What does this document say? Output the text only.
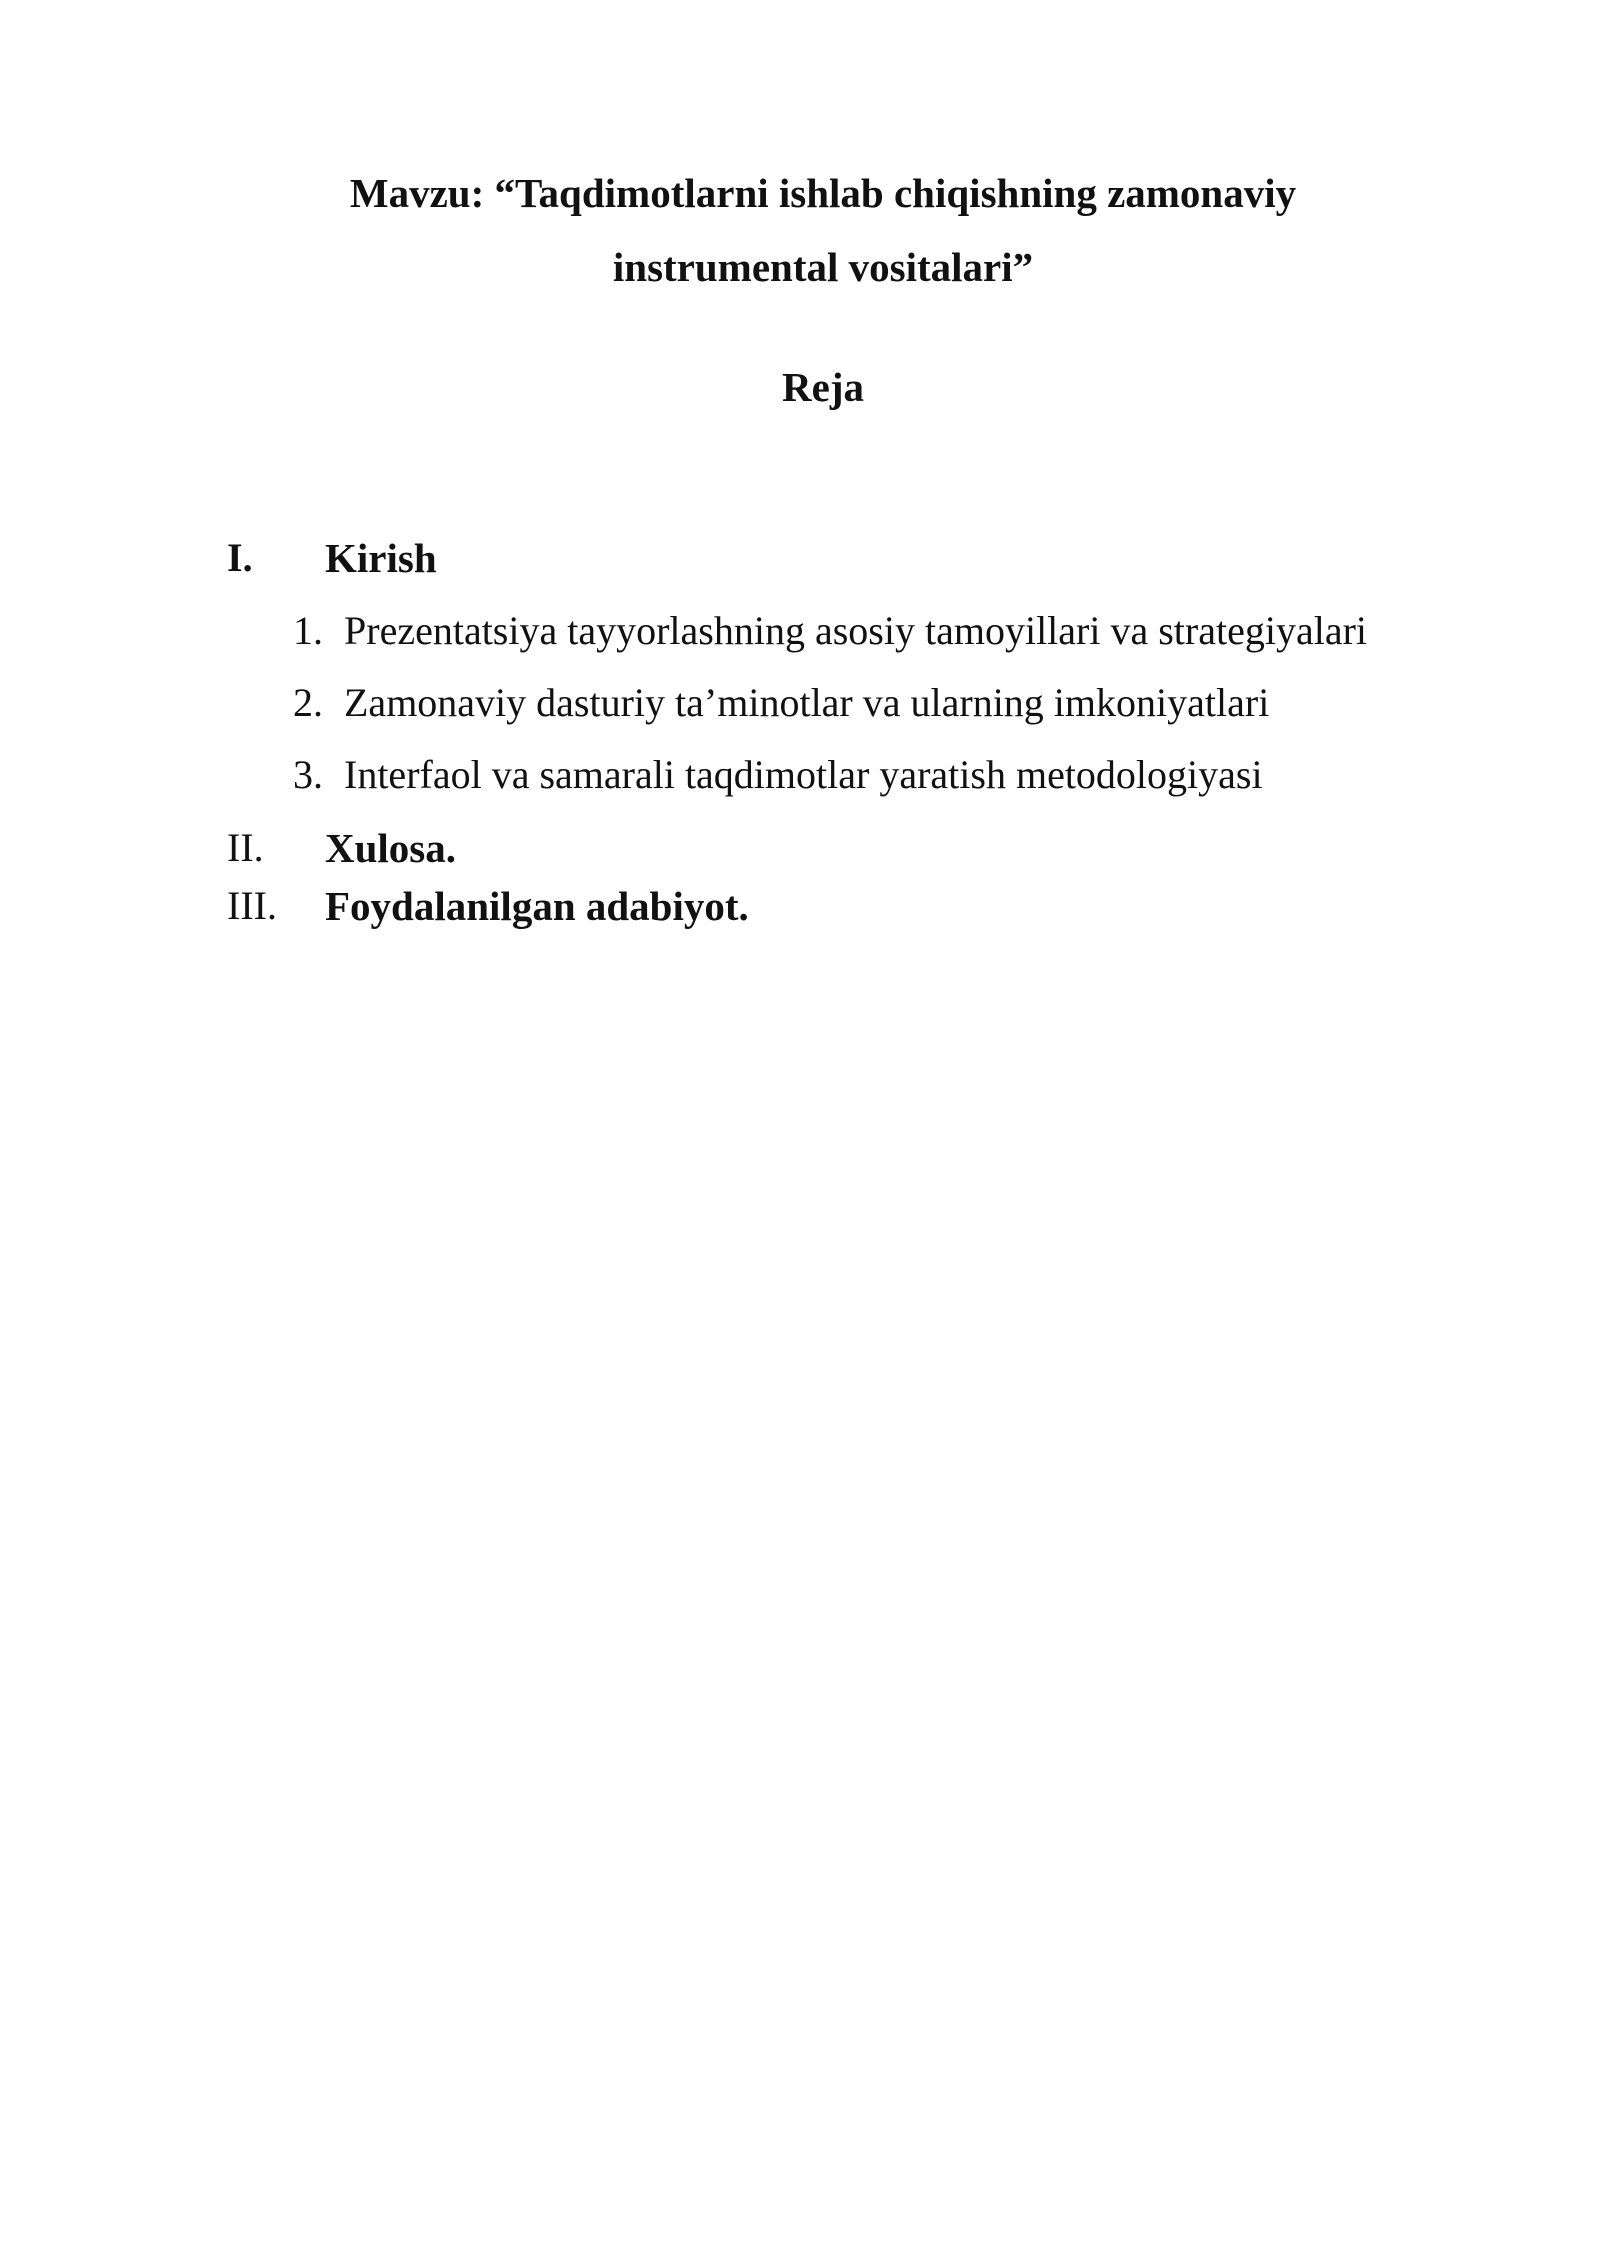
Mavzu: “Taqdimotlarni ishlab chiqishning zamonaviy
instrumental vositalari”
Reja
I. Kirish
1. Prezentatsiya tayyorlashning asosiy tamoyillari va strategiyalari
2. Zamonaviy dasturiy ta’minotlar va ularning imkoniyatlari
3. Interfaol va samarali taqdimotlar yaratish metodologiyasi
II. Xulosa.
III. Foydalanilgan adabiyot.
